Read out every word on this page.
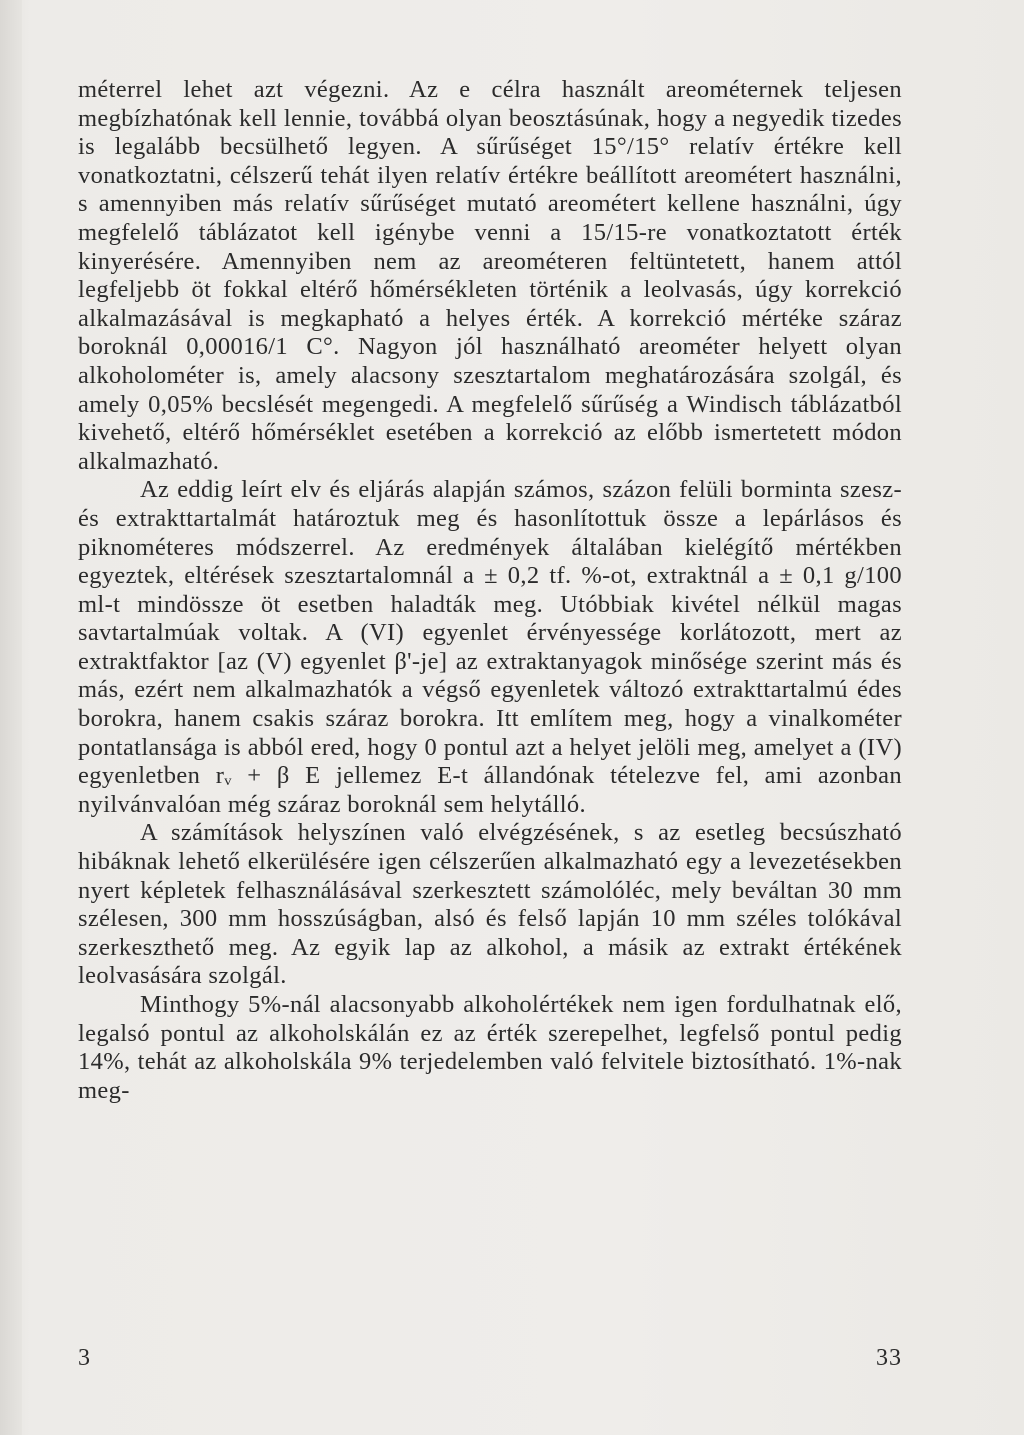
méterrel lehet azt végezni. Az e célra használt areométernek teljesen megbízhatónak kell lennie, továbbá olyan beosztásúnak, hogy a negyedik tizedes is legalább becsülhető legyen. A sűrűséget 15°/15° relatív értékre kell vonatkoztatni, célszerű tehát ilyen relatív értékre beállított areométert használni, s amennyiben más relatív sűrűséget mutató areométert kellene használni, úgy megfelelő táblázatot kell igénybe venni a 15/15-re vonatkoztatott érték kinyerésére. Amennyiben nem az areométeren feltüntetett, hanem attól legfeljebb öt fokkal eltérő hőmérsékleten történik a leolvasás, úgy korrekció alkalmazásával is megkapható a helyes érték. A korrekció mértéke száraz boroknál 0,00016/1 C°. Nagyon jól használható areométer helyett olyan alkoholométer is, amely alacsony szesztartalom meghatározására szolgál, és amely 0,05% becslését megengedi. A megfelelő sűrűség a Windisch táblázatból kivehető, eltérő hőmérséklet esetében a korrekció az előbb ismertetett módon alkalmazható.

Az eddig leírt elv és eljárás alapján számos, százon felüli borminta szesz- és extrakttartalmát határoztuk meg és hasonlítottuk össze a lepárlásos és piknométeres módszerrel. Az eredmények általában kielégítő mértékben egyeztek, eltérések szesztartalomnál a ± 0,2 tf. %-ot, extraktnál a ± 0,1 g/100 ml-t mindössze öt esetben haladták meg. Utóbbiak kivétel nélkül magas savtartalmúak voltak. A (VI) egyenlet érvényessége korlátozott, mert az extraktfaktor [az (V) egyenlet β'-je] az extraktanyagok minősége szerint más és más, ezért nem alkalmazhatók a végső egyenletek változó extrakttartalmú édes borokra, hanem csakis száraz borokra. Itt említem meg, hogy a vinalkométer pontatlansága is abból ered, hogy 0 pontul azt a helyet jelöli meg, amelyet a (IV) egyenletben rᵥ + β E jellemez E-t állandónak tételezve fel, ami azonban nyilvánvalóan még száraz boroknál sem helytálló.

A számítások helyszínen való elvégzésének, s az esetleg becsúszható hibáknak lehető elkerülésére igen célszerűen alkalmazható egy a levezetésekben nyert képletek felhasználásával szerkesztett számolóléc, mely beváltan 30 mm szélesen, 300 mm hosszúságban, alsó és felső lapján 10 mm széles tolókával szerkeszthető meg. Az egyik lap az alkohol, a másik az extrakt értékének leolvasására szolgál.

Minthogy 5%-nál alacsonyabb alkoholértékek nem igen fordulhatnak elő, legalsó pontul az alkoholskálán ez az érték szerepelhet, legfelső pontul pedig 14%, tehát az alkoholskála 9% terjedelemben való felvitele biztosítható. 1%-nak meg-

3	33
